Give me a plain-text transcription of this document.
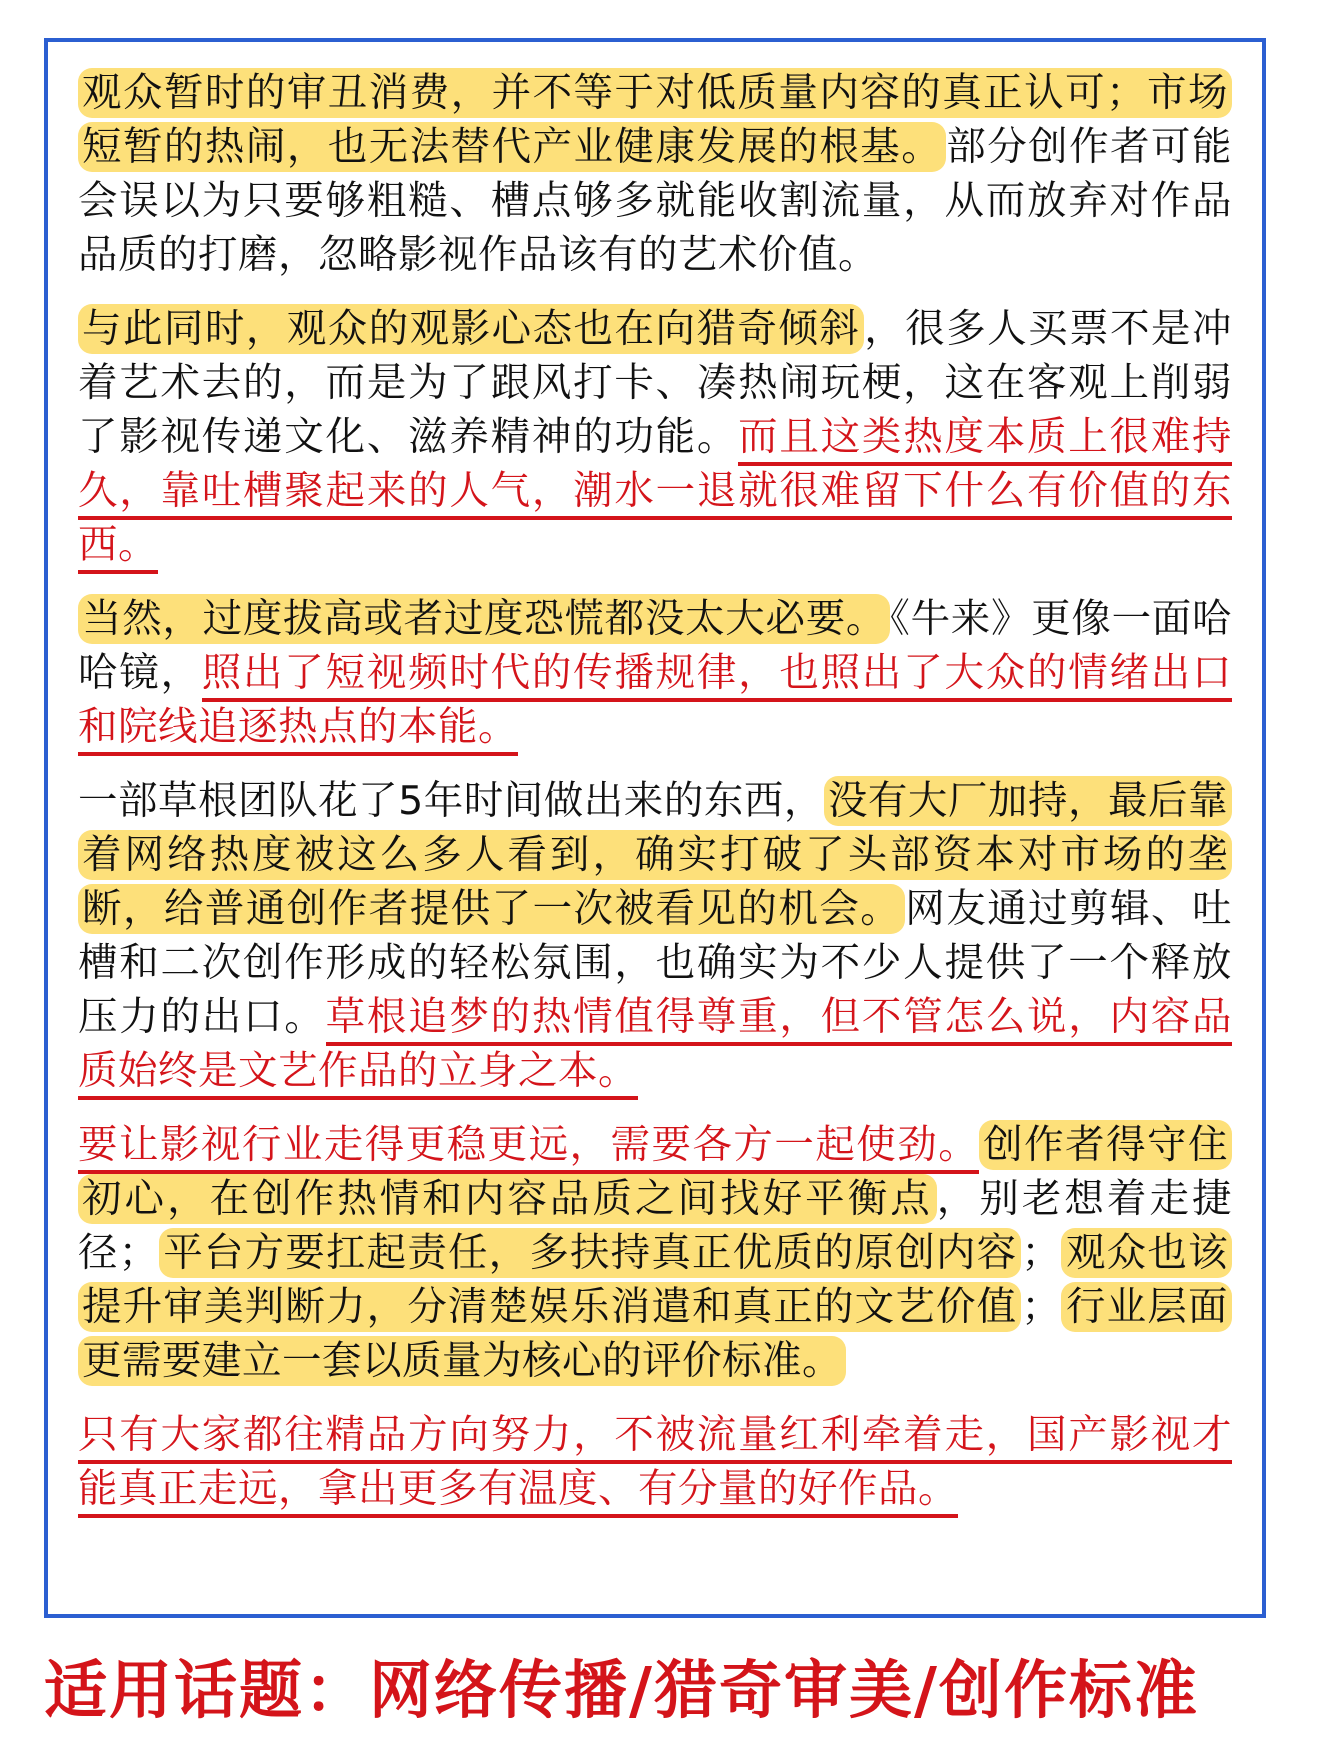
观众暂时的审丑消费，并不等于对低质量内容的真正认可；市场短暂的热闹，也无法替代产业健康发展的根基。 部分创作者可能会误以为只要够粗糙、槽点够多就能收割流量，从而放弃对作品品质的打磨，忽略影视作品该有的艺术价值。

与此同时，观众的观影心态也在向猎奇倾斜 ，很多人买票不是冲着艺术去的，而是为了跟风打卡、凑热闹玩梗，这在客观上削弱了影视传递文化、滋养精神的功能。而且这类热度本质上很难持久，靠吐槽聚起来的人气，潮水一退就很难留下什么有价值的东西。

当然，过度拔高或者过度恐慌都没太大必要。 《牛来》更像一面哈哈镜，照出了短视频时代的传播规律，也照出了大众的情绪出口和院线追逐热点的本能。

一部草根团队花了5年时间做出来的东西， 没有大厂加持，最后靠着网络热度被这么多人看到，确实打破了头部资本对市场的垄断，给普通创作者提供了一次被看见的机会。 网友通过剪辑、吐槽和二次创作形成的轻松氛围，也确实为不少人提供了一个释放压力的出口。草根追梦的热情值得尊重，但不管怎么说，内容品质始终是文艺作品的立身之本。

要让影视行业走得更稳更远，需要各方一起使劲。 创作者得守住初心，在创作热情和内容品质之间找好平衡点 ，别老想着走捷径； 平台方要扛起责任，多扶持真正优质的原创内容 ； 观众也该提升审美判断力，分清楚娱乐消遣和真正的文艺价值 ； 行业层面更需要建立一套以质量为核心的评价标准。

只有大家都往精品方向努力，不被流量红利牵着走，国产影视才能真正走远，拿出更多有温度、有分量的好作品。

适用话题：网络传播/猎奇审美/创作标准
